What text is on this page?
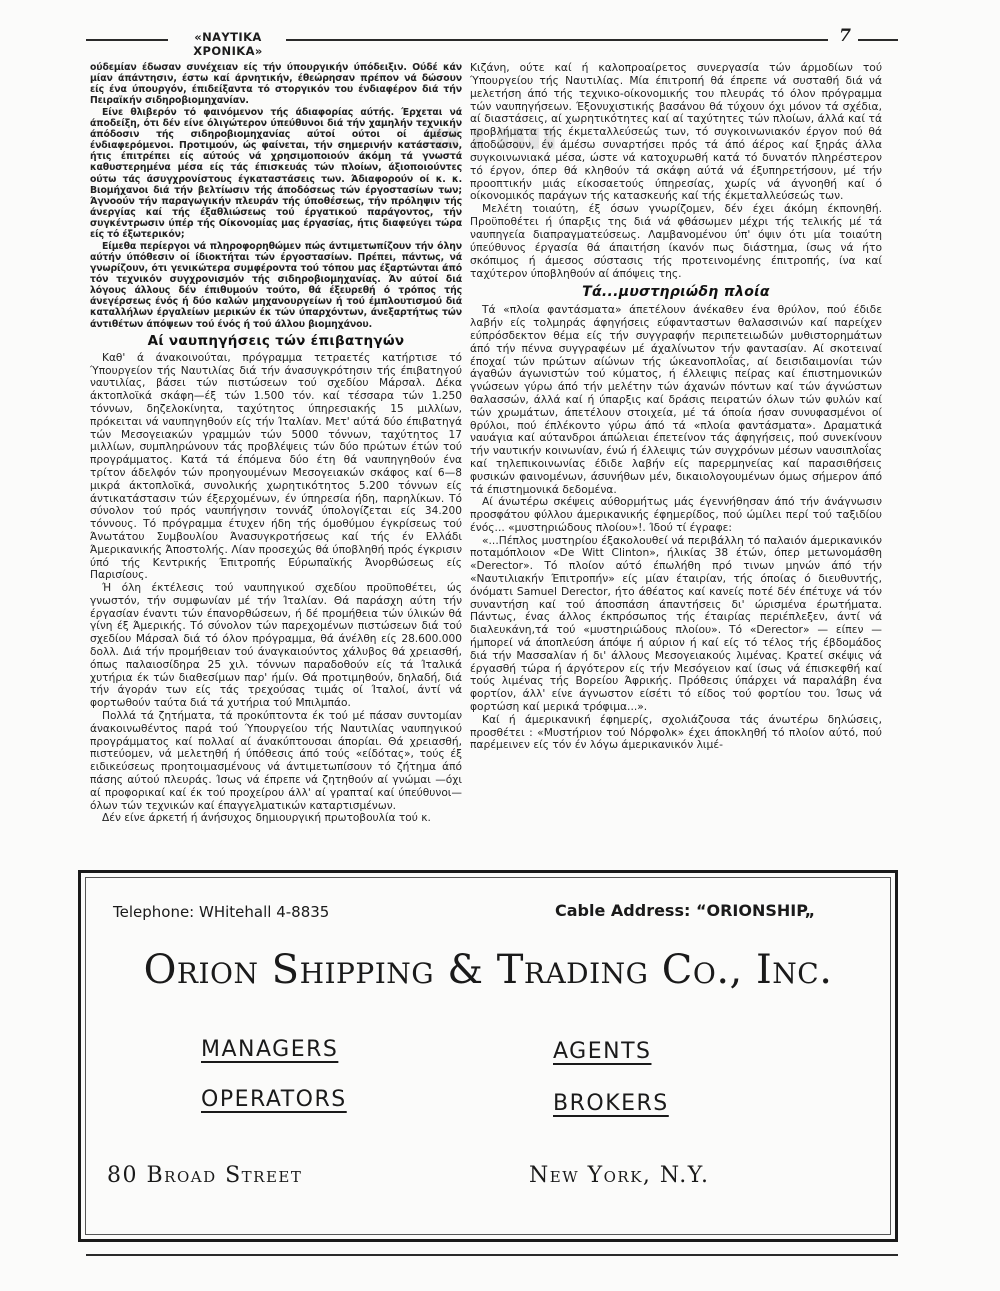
▮▮▮▮ ▮ ▮▮.
«ΝΑΥΤΙΚΑ ΧΡΟΝΙΚΑ»
7

ούδεμίαν έδωσαν συνέχειαν είς τήν ύπουργικήν ύπόδειξιν. Ούδέ κάν μίαν άπάντησιν, έστω καί άρνητικήν, έθεώρησαν πρέπον νά δώσουν είς ένα ύπουργόν, έπιδείξαντα τό στοργικόν του ένδιαφέρον διά τήν Πειραϊκήν σιδηροβιομηχανίαν.

Είνε θλιβερόν τό φαινόμενον τής άδιαφορίας αύτής. Έρχεται νά άποδείξη, ότι δέν είνε όλιγώτερον ύπεύθυνοι διά τήν χαμηλήν τεχνικήν άπόδοσιν τής σιδηροβιομηχανίας αύτοί ούτοι οί άμέσως ένδιαφερόμενοι. Προτιμούν, ώς φαίνεται, τήν σημερινήν κατάστασιν, ήτις έπιτρέπει είς αύτούς νά χρησιμοποιούν άκόμη τά γνωστά καθυστερημένα μέσα είς τάς έπισκευάς τών πλοίων, άξιοποιούντες ούτω τάς άσυγχρονίστους έγκαταστάσεις των. Άδιαφορούν οί κ. κ. Βιομήχανοι διά τήν βελτίωσιν τής άποδόσεως τών έργοστασίων των; Άγνοούν τήν παραγωγικήν πλευράν τής ύποθέσεως, τήν πρόληψιν τής άνεργίας καί τής έξαθλιώσεως τού έργατικού παράγοντος, τήν συγκέντρωσιν ύπέρ τής Οίκονομίας μας έργασίας, ήτις διαφεύγει τώρα είς τό έξωτερικόν;

Είμεθα περίεργοι νά πληροφορηθώμεν πώς άντιμετωπίζουν τήν όλην αύτήν ύπόθεσιν οί ίδιοκτήται τών έργοστασίων. Πρέπει, πάντως, νά γνωρίζουν, ότι γενικώτερα συμφέροντα τού τόπου μας έξαρτώνται άπό τόν τεχνικόν συγχρονισμόν τής σιδηροβιομηχανίας. Άν αύτοί διά λόγους άλλους δέν έπιθυμούν τούτο, θά έξευρεθή ό τρόπος τής άνεγέρσεως ένός ή δύο καλών μηχανουργείων ή τού έμπλουτισμού διά καταλλήλων έργαλείων μερικών έκ τών ύπαρχόντων, άνεξαρτήτως τών άντιθέτων άπόψεων τού ένός ή τού άλλου βιομηχάνου.

Αί ναυπηγήσεις τών έπιβατηγών

Καθ' ά άνακοινούται, πρόγραμμα τετραετές κατήρτισε τό Ύπουργείον τής Ναυτιλίας διά τήν άνασυγκρότησιν τής έπιβατηγού ναυτιλίας, βάσει τών πιστώσεων τού σχεδίου Μάρσαλ. Δέκα άκτοπλοϊκά σκάφη—έξ τών 1.500 τόν. καί τέσσαρα τών 1.250 τόννων, δηζελοκίνητα, ταχύτητος ύπηρεσιακής 15 μιλλίων, πρόκειται νά ναυπηγηθούν είς τήν Ίταλίαν. Μετ' αύτά δύο έπιβατηγά τών Μεσογειακών γραμμών τών 5000 τόννων, ταχύτητος 17 μιλλίων, συμπληρώνουν τάς προβλέψεις τών δύο πρώτων έτών τού προγράμματος. Κατά τά έπόμενα δύο έτη θά ναυπηγηθούν ένα τρίτον άδελφόν τών προηγουμένων Μεσογειακών σκάφος καί 6—8 μικρά άκτοπλοϊκά, συνολικής χωρητικότητος 5.200 τόννων είς άντικατάστασιν τών έξερχομένων, έν ύπηρεσία ήδη, παρηλίκων. Τό σύνολον τού πρός ναυπήγησιν τοννάζ ύπολογίζεται είς 34.200 τόννους. Τό πρόγραμμα έτυχεν ήδη τής όμοθύμου έγκρίσεως τού Άνωτάτου Συμβουλίου Άνασυγκροτήσεως καί τής έν Ελλάδι Άμερικανικής Άποστολής. Λίαν προσεχώς θά ύποβληθή πρός έγκρισιν ύπό τής Κεντρικής Έπιτροπής Εύρωπαϊκής Άνορθώσεως είς Παρισίους.

Ή όλη έκτέλεσις τού ναυπηγικού σχεδίου προϋποθέτει, ώς γνωστόν, τήν συμφωνίαν μέ τήν Ίταλίαν. Θά παράσχη αύτη τήν έργασίαν έναντι τών έπανορθώσεων, ή δέ προμήθεια τών ύλικών θά γίνη έξ Άμερικής. Τό σύνολον τών παρεχομένων πιστώσεων διά τού σχεδίου Μάρσαλ διά τό όλον πρόγραμμα, θά άνέλθη είς 28.600.000 δολλ. Διά τήν προμήθειαν τού άναγκαιούντος χάλυβος θά χρειασθή, όπως παλαιοσίδηρα 25 χιλ. τόννων παραδοθούν είς τά Ίταλικά χυτήρια έκ τών διαθεσίμων παρ' ήμίν. Θά προτιμηθούν, δηλαδή, διά τήν άγοράν των είς τάς τρεχούσας τιμάς οί Ίταλοί, άντί νά φορτωθούν ταύτα διά τά χυτήρια τού Μπιλμπάο.

Πολλά τά ζητήματα, τά προκύπτοντα έκ τού μέ πάσαν συντομίαν άνακοινωθέντος παρά τού Ύπουργείου τής Ναυτιλίας ναυπηγικού προγράμματος καί πολλαί αί άνακύπτουσαι άπορίαι. Θά χρειασθή, πιστεύομεν, νά μελετηθή ή ύπόθεσις άπό τούς «είδότας», τούς έξ ειδικεύσεως προητοιμασμένους νά άντιμετωπίσουν τό ζήτημα άπό πάσης αύτού πλευράς. Ίσως νά έπρεπε νά ζητηθούν αί γνώμαι —όχι αί προφορικαί καί έκ τού προχείρου άλλ' αί γραπταί καί ύπεύθυνοι—όλων τών τεχνικών καί έπαγγελματικών καταρτισμένων.

Δέν είνε άρκετή ή άνήσυχος δημιουργική πρωτοβουλία τού κ.

Κιζάνη, ούτε καί ή καλοπροαίρετος συνεργασία τών άρμοδίων τού Ύπουργείου τής Ναυτιλίας. Μία έπιτροπή θά έπρεπε νά συσταθή διά νά μελετήση άπό τής τεχνικο-οίκονομικής του πλευράς τό όλον πρόγραμμα τών ναυπηγήσεων. Έξονυχιστικής βασάνου θά τύχουν όχι μόνον τά σχέδια, αί διαστάσεις, αί χωρητικότητες καί αί ταχύτητες τών πλοίων, άλλά καί τά προβλήματα τής έκμεταλλεύσεώς των, τό συγκοινωνιακόν έργον πού θά άποδώσουν, έν άμέσω συναρτήσει πρός τά άπό άέρος καί ξηράς άλλα συγκοινωνιακά μέσα, ώστε νά κατοχυρωθή κατά τό δυνατόν πληρέστερον τό έργον, όπερ θά κληθούν τά σκάφη αύτά νά έξυπηρετήσουν, μέ τήν προοπτικήν μιάς είκοσαετούς ύπηρεσίας, χωρίς νά άγνοηθή καί ό οίκονομικός παράγων τής κατασκευής καί τής έκμεταλλεύσεώς των.

Μελέτη τοιαύτη, έξ όσων γνωρίζομεν, δέν έχει άκόμη έκπονηθή. Προϋποθέτει ή ύπαρξις της διά νά φθάσωμεν μέχρι τής τελικής μέ τά ναυπηγεία διαπραγματεύσεως. Λαμβανομένου ύπ' όψιν ότι μία τοιαύτη ύπεύθυνος έργασία θά άπαιτήση ίκανόν πως διάστημα, ίσως νά ήτο σκόπιμος ή άμεσος σύστασις τής προτεινομένης έπιτροπής, ίνα καί ταχύτερον ύποβληθούν αί άπόψεις της.

Τά...μυστηριώδη πλοία

Τά «πλοία φαντάσματα» άπετέλουν άνέκαθεν ένα θρύλον, πού έδιδε λαβήν είς τολμηράς άφηγήσεις εύφανταστων θαλασσινών καί παρείχεν εύπρόσδεκτον θέμα είς τήν συγγραφήν περιπετειωδών μυθιστορημάτων άπό τήν πέννα συγγραφέων μέ άχαλίνωτον τήν φαντασίαν. Αί σκοτειναί έποχαί τών πρώτων αίώνων τής ώκεανοπλοΐας, αί δεισιδαιμονίαι τών άγαθών άγωνιστών τού κύματος, ή έλλειψις πείρας καί έπιστημονικών γνώσεων γύρω άπό τήν μελέτην τών άχανών πόντων καί τών άγνώστων θαλασσών, άλλά καί ή ύπαρξις καί δράσις πειρατών όλων τών φυλών καί τών χρωμάτων, άπετέλουν στοιχεία, μέ τά όποία ήσαν συνυφασμένοι οί θρύλοι, πού έπλέκοντο γύρω άπό τά «πλοία φαντάσματα». Δραματικά ναυάγια καί αύτανδροι άπώλειαι έπετείνον τάς άφηγήσεις, πού συνεκίνουν τήν ναυτικήν κοινωνίαν, ένώ ή έλλειψις τών συγχρόνων μέσων ναυσιπλοΐας καί τηλεπικοινωνίας έδιδε λαβήν είς παρερμηνείας καί παρασιθήσεις φυσικών φαινομένων, άσυνήθων μέν, δικαιολογουμένων όμως σήμερον άπό τά έπιστημονικά δεδομένα.

Αί άνωτέρω σκέψεις αύθορμήτως μάς έγεννήθησαν άπό τήν άνάγνωσιν προσφάτου φύλλου άμερικανικής έφημερίδος, πού ώμίλει περί τού ταξιδίου ένός... «μυστηριώδους πλοίου»!. Ίδού τί έγραφε:

«...Πέπλος μυστηρίου έξακολουθεί νά περιβάλλη τό παλαιόν άμερικανικόν ποταμόπλοιον «De Witt Clinton», ήλικίας 38 έτών, όπερ μετωνομάσθη «Derector». Τό πλοίον αύτό έπωλήθη πρό τινων μηνών άπό τήν «Ναυτιλιακήν Έπιτροπήν» είς μίαν έταιρίαν, τής όποίας ό διευθυντής, όνόματι Samuel Derector, ήτο άθέατος καί κανείς ποτέ δέν έπέτυχε νά τόν συναντήση καί τού άποσπάση άπαντήσεις δι' ώρισμένα έρωτήματα. Πάντως, ένας άλλος έκπρόσωπος τής έταιρίας περιέπλεξεν, άντί νά διαλευκάνη,τά τού «μυστηριώδους πλοίου». Τό «Derector» — είπεν — ήμπορεί νά άποπλεύση άπόψε ή αύριον ή καί είς τό τέλος τής έβδομάδος διά τήν Μασσαλίαν ή δι' άλλους Μεσογειακούς λιμένας. Κρατεί σκέψις νά έργασθή τώρα ή άργότερον είς τήν Μεσόγειον καί ίσως νά έπισκεφθή καί τούς λιμένας τής Βορείου Άφρικής. Πρόθεσις ύπάρχει νά παραλάβη ένα φορτίον, άλλ' είνε άγνωστον είσέτι τό είδος τού φορτίου του. Ίσως νά φορτώση καί μερικά τρόφιμα...».

Καί ή άμερικανική έφημερίς, σχολιάζουσα τάς άνωτέρω δηλώσεις, προσθέτει : «Μυστήριον τού Νόρφολκ» έχει άποκληθή τό πλοίον αύτό, πού παρέμεινεν είς τόν έν λόγω άμερικανικόν λιμέ-

Telephone: WHitehall 4-8835	Cable Address: “ORIONSHIP„
Orion Shipping & Trading Co., Inc.
MANAGERS
OPERATORS
AGENTS
BROKERS
80 Broad Street	New York, N.Y.
